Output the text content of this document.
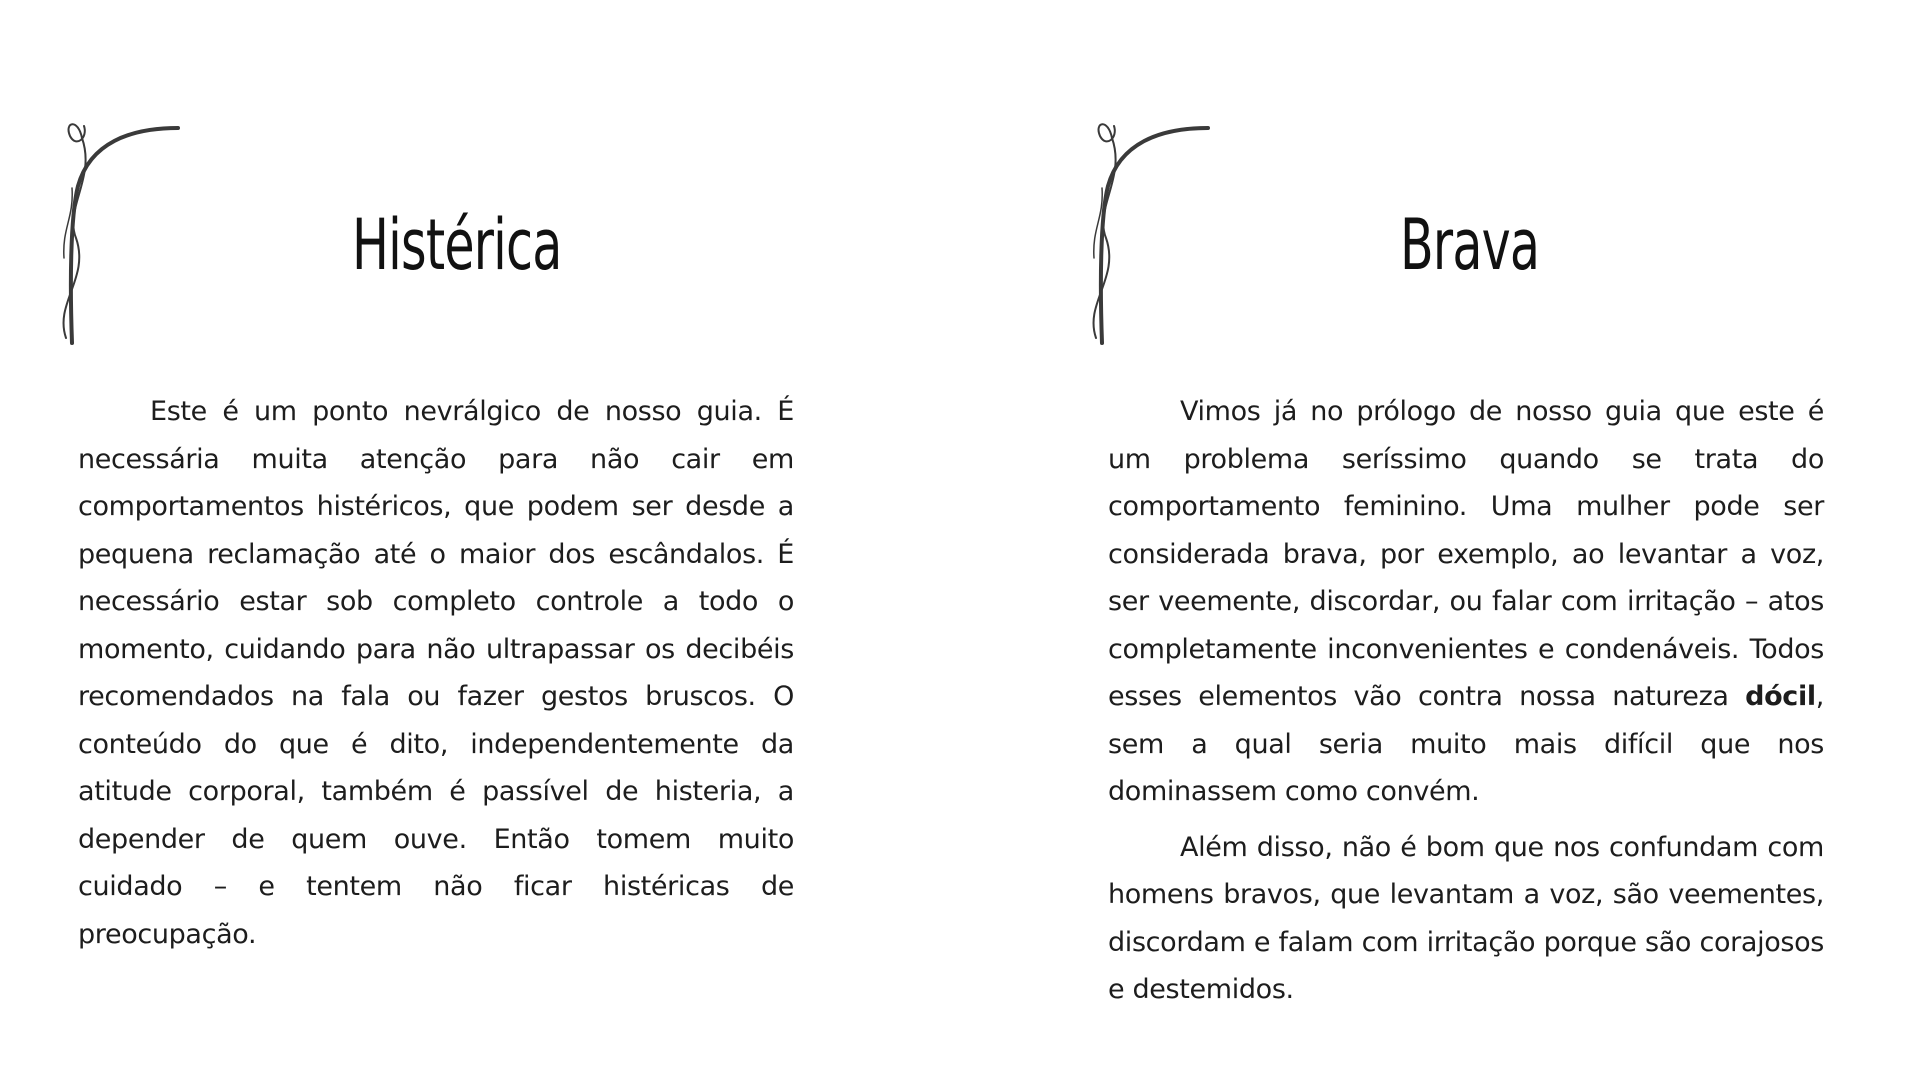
Histérica

Este é um ponto nevrálgico de nosso guia. É necessária muita atenção para não cair em comportamentos histéricos, que podem ser desde a pequena reclamação até o maior dos escândalos. É necessário estar sob completo controle a todo o momento, cuidando para não ultrapassar os decibéis recomendados na fala ou fazer gestos bruscos. O conteúdo do que é dito, independentemente da atitude corporal, também é passível de histeria, a depender de quem ouve. Então tomem muito cuidado – e tentem não ficar histéricas de preocupação.

Brava

Vimos já no prólogo de nosso guia que este é um problema seríssimo quando se trata do comportamento feminino. Uma mulher pode ser considerada brava, por exemplo, ao levantar a voz, ser veemente, discordar, ou falar com irritação – atos completamente inconvenientes e condenáveis. Todos esses elementos vão contra nossa natureza dócil, sem a qual seria muito mais difícil que nos dominassem como convém.

Além disso, não é bom que nos confundam com homens bravos, que levantam a voz, são veementes, discordam e falam com irritação porque são corajosos e destemidos.
